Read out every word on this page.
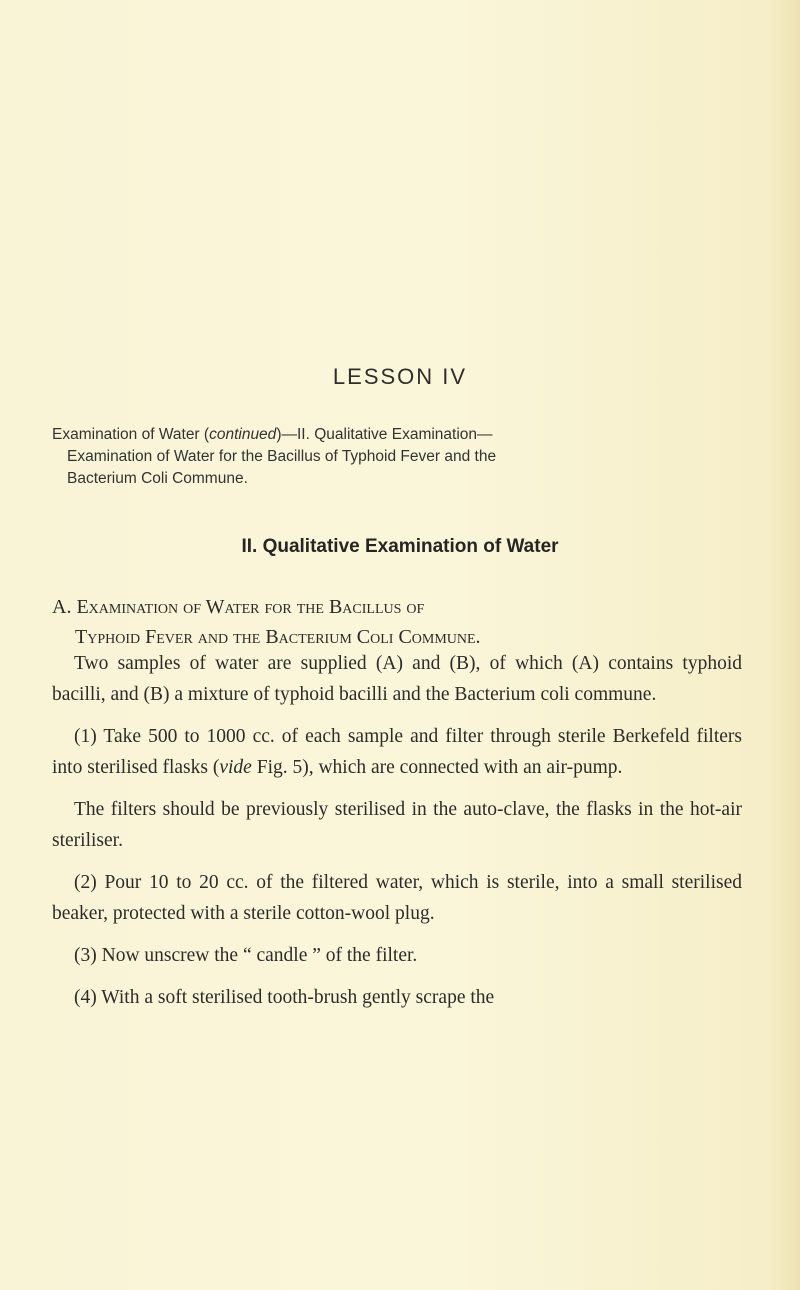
LESSON IV
Examination of Water (continued)—II. Qualitative Examination—
Examination of Water for the Bacillus of Typhoid Fever and the
Bacterium Coli Commune.
II. Qualitative Examination of Water
A. Examination of Water for the Bacillus of
Typhoid Fever and the Bacterium Coli Commune.

Two samples of water are supplied (A) and (B), of which (A) contains typhoid bacilli, and (B) a mixture of typhoid bacilli and the Bacterium coli commune.

(1) Take 500 to 1000 cc. of each sample and filter through sterile Berkefeld filters into sterilised flasks (vide Fig. 5), which are connected with an air-pump.

The filters should be previously sterilised in the auto-clave, the flasks in the hot-air steriliser.

(2) Pour 10 to 20 cc. of the filtered water, which is sterile, into a small sterilised beaker, protected with a sterile cotton-wool plug.

(3) Now unscrew the “ candle ” of the filter.

(4) With a soft sterilised tooth-brush gently scrape the
